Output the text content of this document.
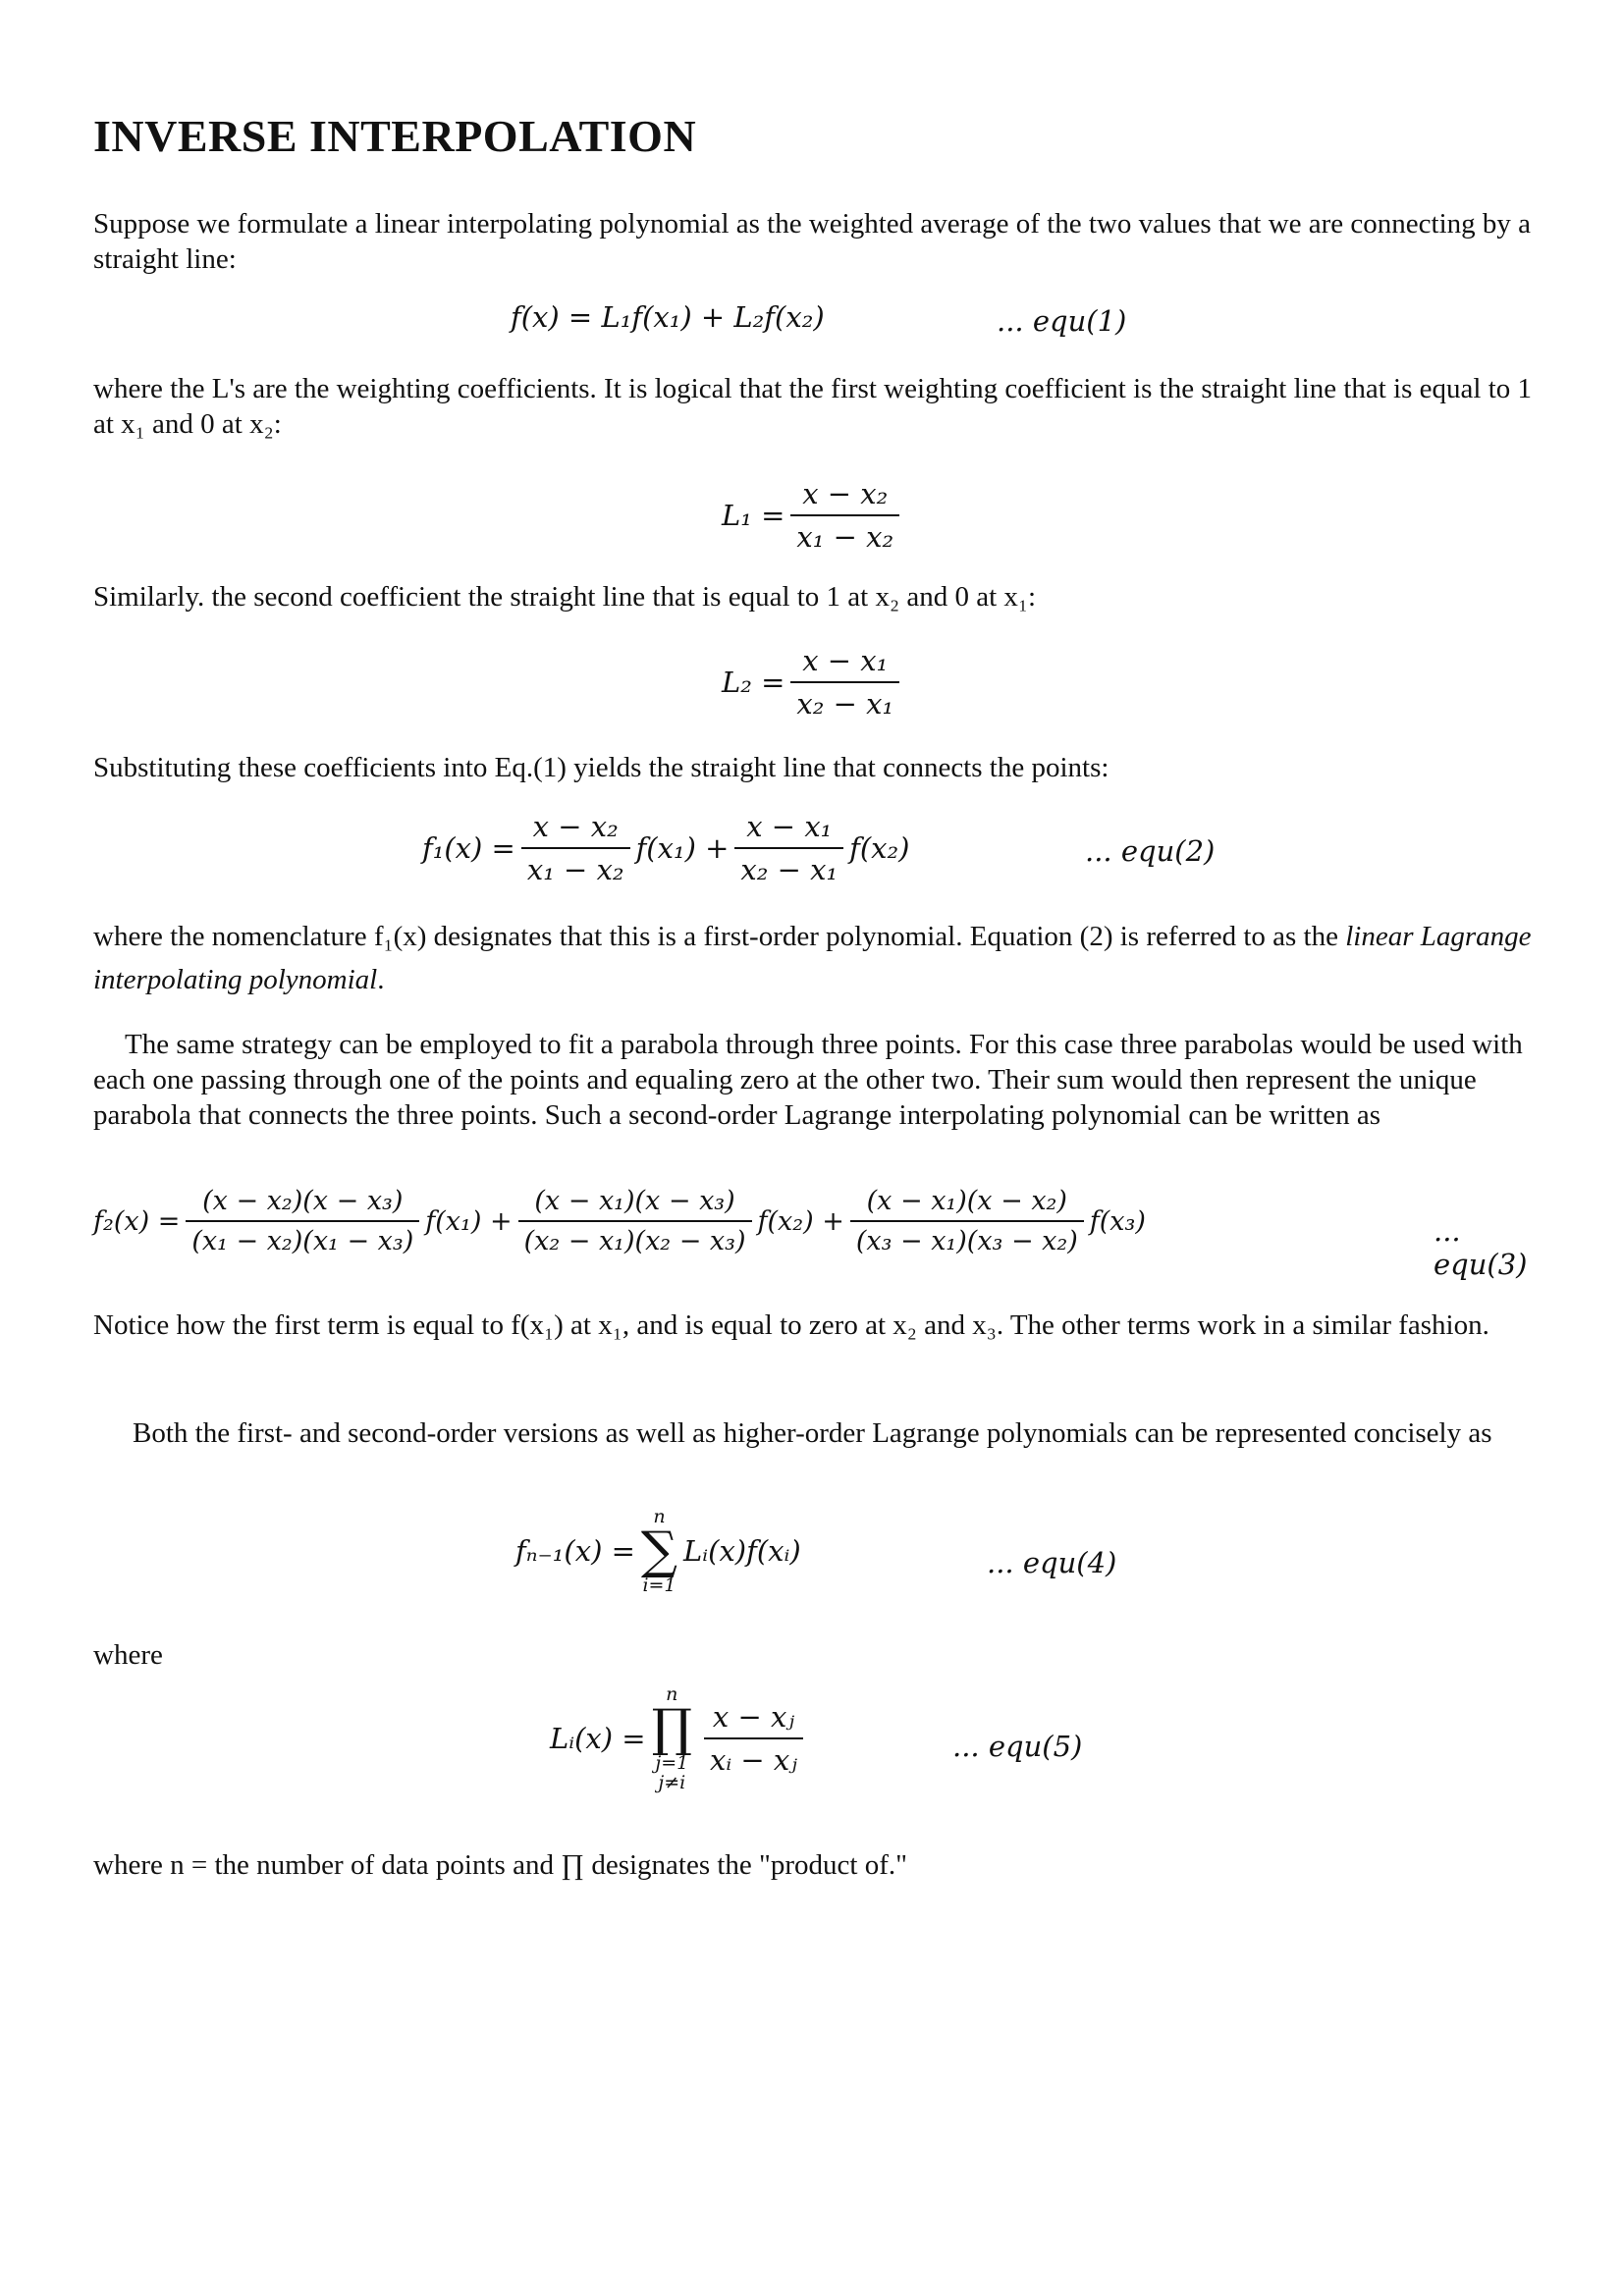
INVERSE INTERPOLATION

Suppose we formulate a linear interpolating polynomial as the weighted average of the two values that we are connecting by a straight line:

f(x) = L₁f(x₁) + L₂f(x₂)	... equ(1)

where the L's are the weighting coefficients. It is logical that the first weighting coefficient is the straight line that is equal to 1 at x₁ and 0 at x₂:

$L_1 = \frac{\text{x − x₂}}{\text{x₁ − x₂}}$

Similarly. the second coefficient the straight line that is equal to 1 at x₂ and 0 at x₁:

$L_2 = \frac{\text{x − x₁}}{\text{x₂ − x₁}}$

Substituting these coefficients into Eq.(1) yields the straight line that connects the points:

$f_1(x) = \frac{\text{x − x₂}}{\text{x₁ − x₂}} f(x_1) + \frac{\text{x − x₁}}{\text{x₂ − x₁}} f(x_2)$	... equ(2)

where the nomenclature f₁(x) designates that this is a first-order polynomial. Equation (2) is referred to as the linear Lagrange interpolating polynomial.

The same strategy can be employed to fit a parabola through three points. For this case three parabolas would be used with each one passing through one of the points and equaling zero at the other two. Their sum would then represent the unique parabola that connects the three points. Such a second-order Lagrange interpolating polynomial can be written as

$f_2(x) = \frac{\text{(x − x₂)(x − x₃)}}{\text{(x₁ − x₂)(x₁ − x₃)}} f(x_1) + \frac{\text{(x − x₁)(x − x₃)}}{\text{(x₂ − x₁)(x₂ − x₃)}} f(x_2) + \frac{\text{(x − x₁)(x − x₂)}}{\text{(x₃ − x₁)(x₃ − x₂)}} f(x_3)$	... equ(3)

Notice how the first term is equal to f(x₁) at x₁, and is equal to zero at x₂ and x₃. The other terms work in a similar fashion.

Both the first- and second-order versions as well as higher-order Lagrange polynomials can be represented concisely as

fₙ₋₁(x) =
n
∑
i=1
Lᵢ(x)f(xᵢ)	... equ(4)

where

Lᵢ(x) =
n
∏
j=1
j≠i
$\frac{\text{x − xⱼ}}{\text{xᵢ − xⱼ}}$	... equ(5)

where n = the number of data points and ∏ designates the "product of."
